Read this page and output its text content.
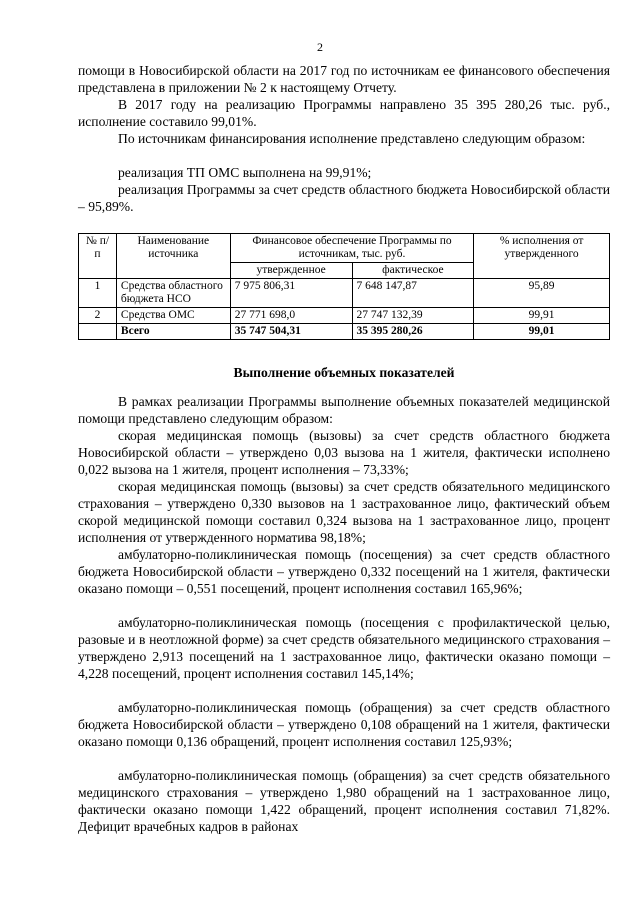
2

помощи в Новосибирской области на 2017 год по источникам ее финансового обеспечения представлена в приложении № 2 к настоящему Отчету.

В 2017 году на реализацию Программы направлено 35 395 280,26 тыс. руб., исполнение составило 99,01%.

По источникам финансирования исполнение представлено следующим образом:

реализация ТП ОМС выполнена на 99,91%;

реализация Программы за счет средств областного бюджета Новосибирской области – 95,89%.

№ п/п	Наименование источника	Финансовое обеспечение Программы по источникам, тыс. руб.		% исполнения от утвержденного
		утвержденное	фактическое	
1	Средства областного бюджета НСО	7 975 806,31	7 648 147,87	95,89
2	Средства ОМС	27 771 698,0	27 747 132,39	99,91
	Всего	35 747 504,31	35 395 280,26	99,01
Выполнение объемных показателей

В рамках реализации Программы выполнение объемных показателей медицинской помощи представлено следующим образом:

скорая медицинская помощь (вызовы) за счет средств областного бюджета Новосибирской области – утверждено 0,03 вызова на 1 жителя, фактически исполнено 0,022 вызова на 1 жителя, процент исполнения – 73,33%;

скорая медицинская помощь (вызовы) за счет средств обязательного медицинского страхования – утверждено 0,330 вызовов на 1 застрахованное лицо, фактический объем скорой медицинской помощи составил 0,324 вызова на 1 застрахованное лицо, процент исполнения от утвержденного норматива 98,18%;

амбулаторно-поликлиническая помощь (посещения) за счет средств областного бюджета Новосибирской области – утверждено 0,332 посещений на 1 жителя, фактически оказано помощи – 0,551 посещений, процент исполнения составил 165,96%;

амбулаторно-поликлиническая помощь (посещения с профилактической целью, разовые и в неотложной форме) за счет средств обязательного медицинского страхования – утверждено 2,913 посещений на 1 застрахованное лицо, фактически оказано помощи – 4,228 посещений, процент исполнения составил 145,14%;

амбулаторно-поликлиническая помощь (обращения) за счет средств областного бюджета Новосибирской области – утверждено 0,108 обращений на 1 жителя, фактически оказано помощи 0,136 обращений, процент исполнения составил 125,93%;

амбулаторно-поликлиническая помощь (обращения) за счет средств обязательного медицинского страхования – утверждено 1,980 обращений на 1 застрахованное лицо, фактически оказано помощи 1,422 обращений, процент исполнения составил 71,82%. Дефицит врачебных кадров в районах
